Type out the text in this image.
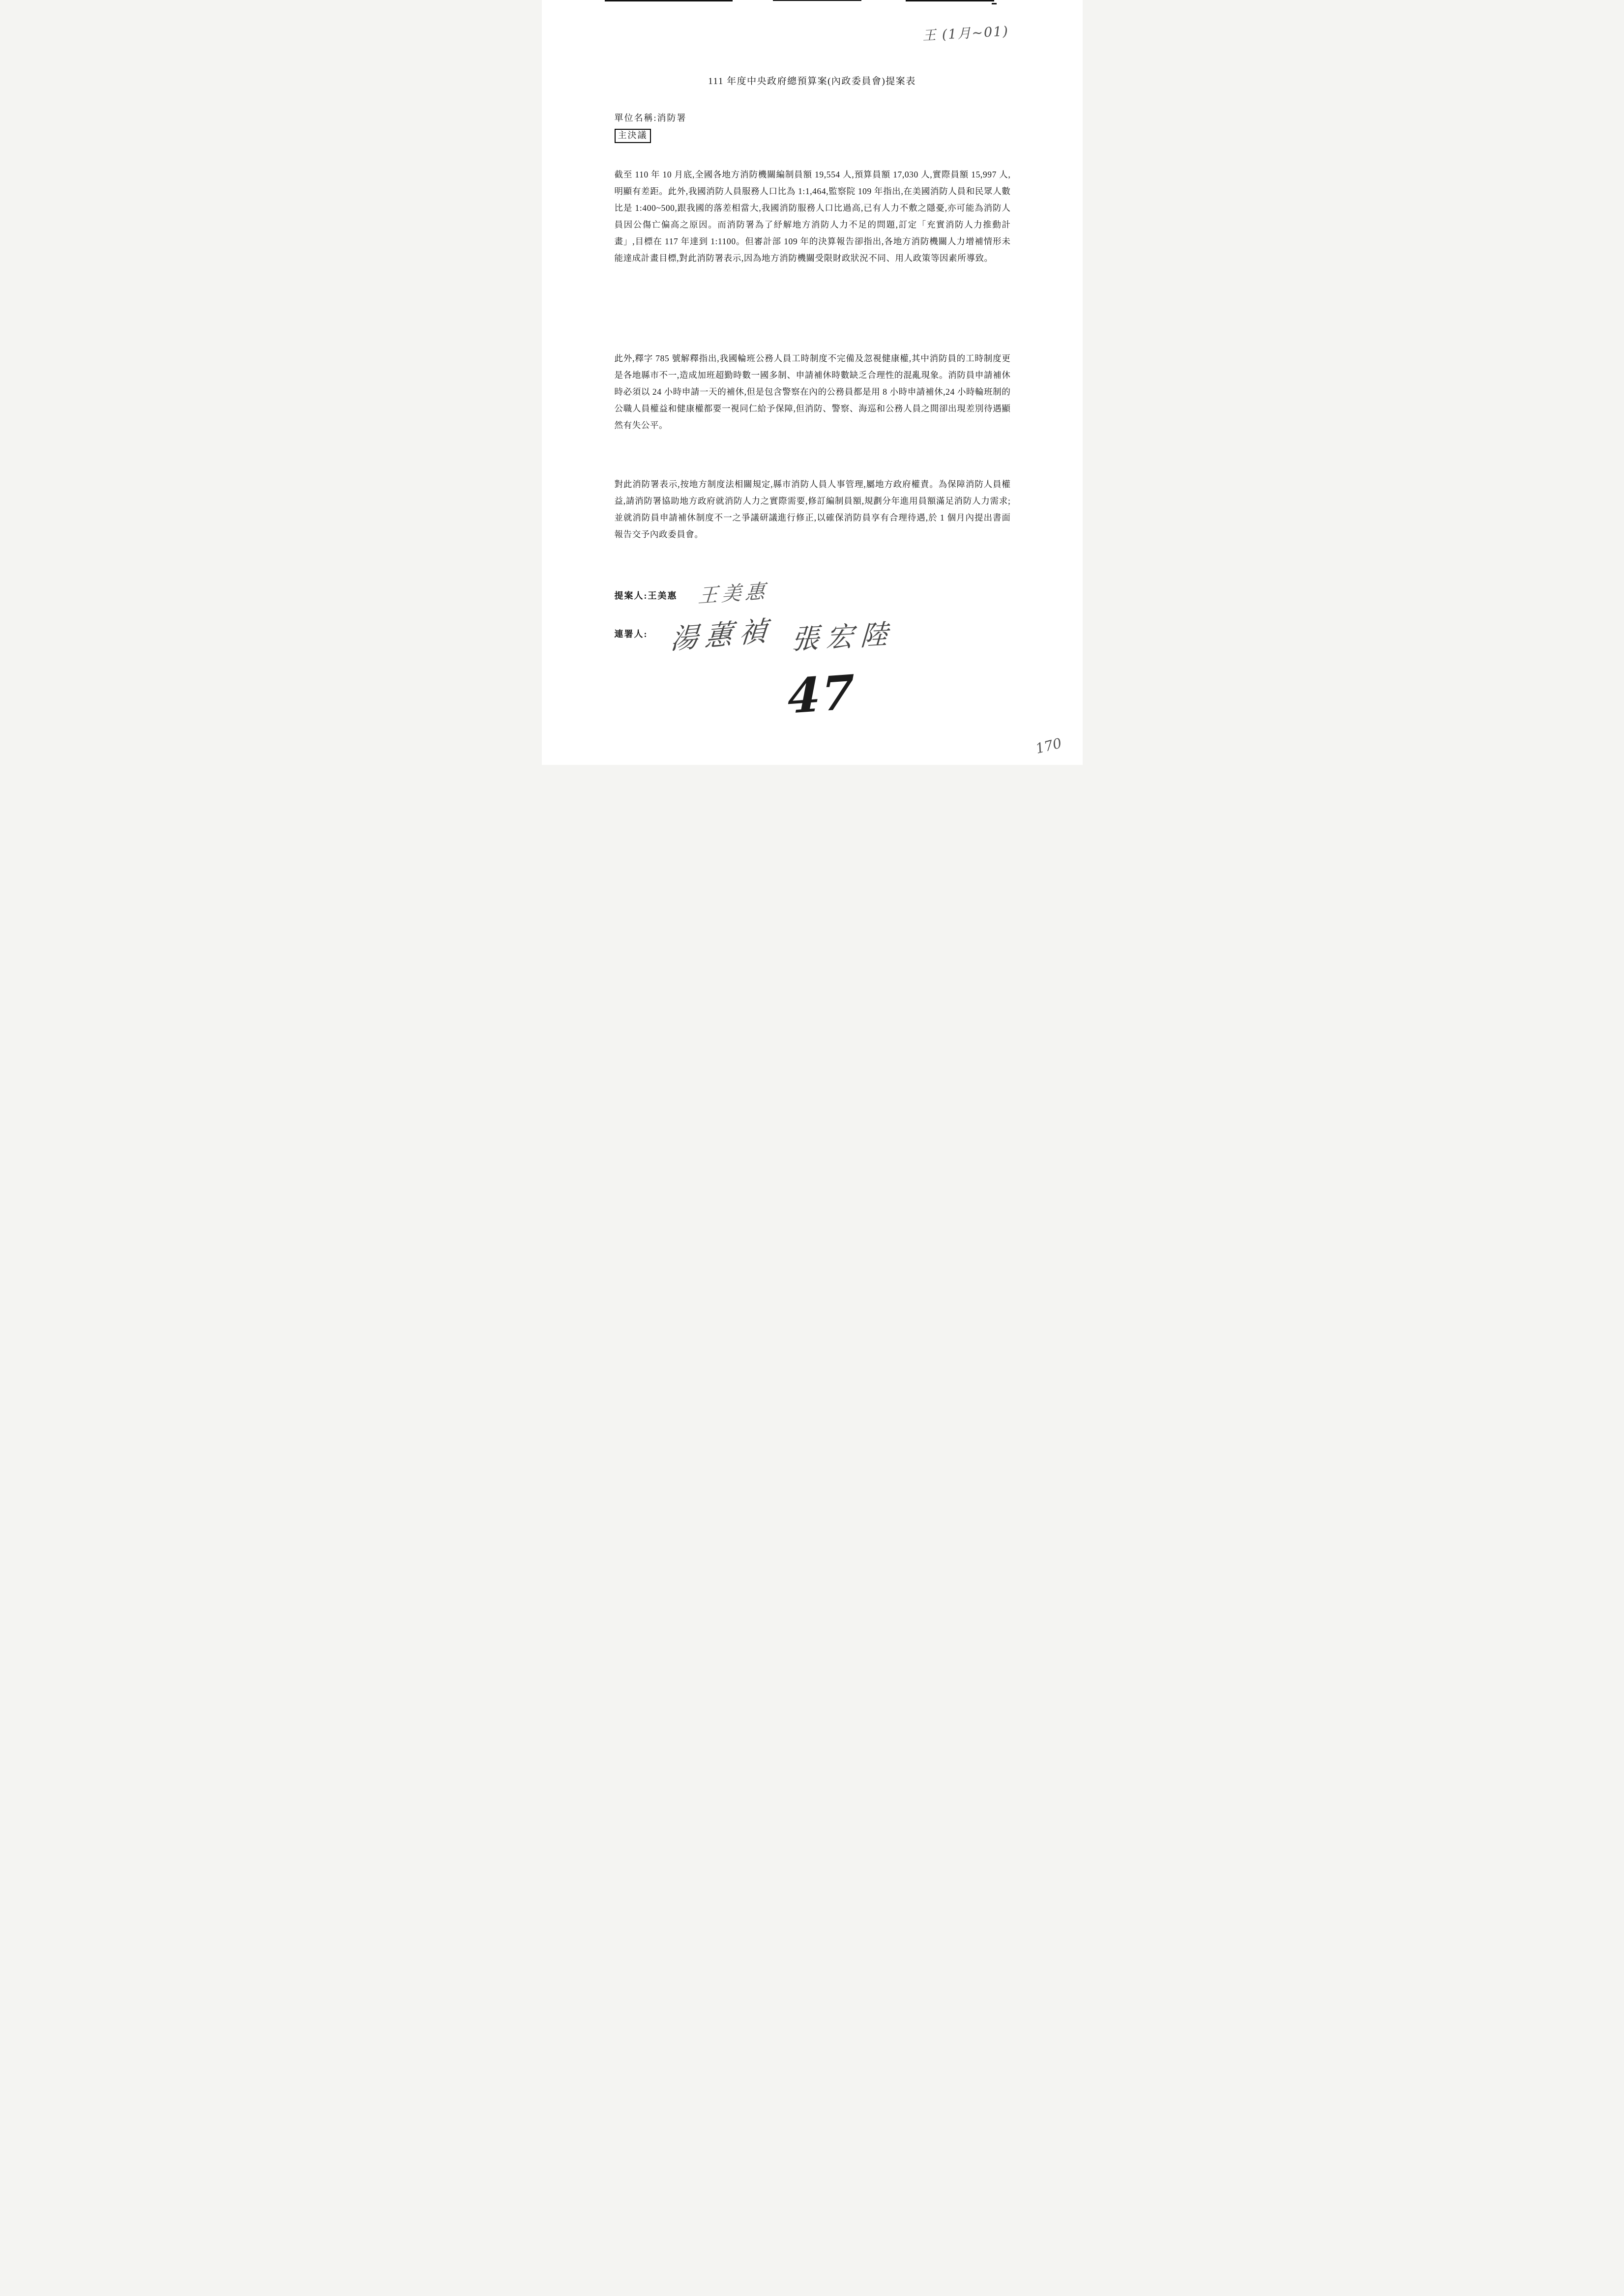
王 (1月~01)
111 年度中央政府總預算案(內政委員會)提案表
單位名稱:消防署
主決議
截至 110 年 10 月底,全國各地方消防機關編制員額 19,554 人,預算員額 17,030 人,實際員額 15,997 人,明顯有差距。此外,我國消防人員服務人口比為 1:1,464,監察院 109 年指出,在美國消防人員和民眾人數比是 1:400~500,跟我國的落差相當大,我國消防服務人口比過高,已有人力不敷之隱憂,亦可能為消防人員因公傷亡偏高之原因。而消防署為了紓解地方消防人力不足的問題,訂定「充實消防人力推動計畫」,目標在 117 年達到 1:1100。但審計部 109 年的決算報告卻指出,各地方消防機關人力增補情形未能達成計畫目標,對此消防署表示,因為地方消防機關受限財政狀況不同、用人政策等因素所導致。
此外,釋字 785 號解釋指出,我國輪班公務人員工時制度不完備及忽視健康權,其中消防員的工時制度更是各地縣市不一,造成加班超勤時數一國多制、申請補休時數缺乏合理性的混亂現象。消防員申請補休時必須以 24 小時申請一天的補休,但是包含警察在內的公務員都是用 8 小時申請補休,24 小時輪班制的公職人員權益和健康權都要一視同仁給予保障,但消防、警察、海巡和公務人員之間卻出現差別待遇顯然有失公平。
對此消防署表示,按地方制度法相關規定,縣市消防人員人事管理,屬地方政府權責。為保障消防人員權益,請消防署協助地方政府就消防人力之實際需要,修訂編制員額,規劃分年進用員額滿足消防人力需求;並就消防員申請補休制度不一之爭議研議進行修正,以確保消防員享有合理待遇,於 1 個月內提出書面報告交予內政委員會。
提案人:王美惠 王美惠
連署人: 湯蕙禎 張宏陸
47
170
